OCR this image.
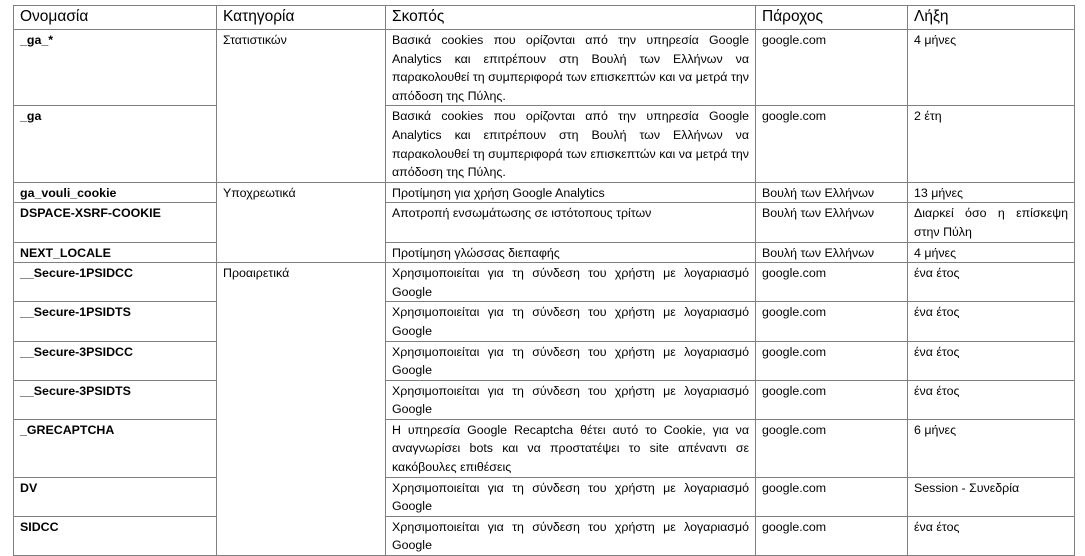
Ονομασία	Κατηγορία	Σκοπός	Πάροχος	Λήξη
_ga_*	Στατιστικών	Βασικά cookies που ορίζονται από την υπηρεσία Google Analytics και επιτρέπουν στη Βουλή των Ελλήνων να παρακολουθεί τη συμπεριφορά των επισκεπτών και να μετρά την απόδοση της Πύλης.	google.com	4 μήνες
_ga		Βασικά cookies που ορίζονται από την υπηρεσία Google Analytics και επιτρέπουν στη Βουλή των Ελλήνων να παρακολουθεί τη συμπεριφορά των επισκεπτών και να μετρά την απόδοση της Πύλης.	google.com	2 έτη
ga_vouli_cookie	Υποχρεωτικά	Προτίμηση για χρήση Google Analytics	Βουλή των Ελλήνων	13 μήνες
DSPACE-XSRF-COOKIE		Αποτροπή ενσωμάτωσης σε ιστότοπους τρίτων	Βουλή των Ελλήνων	Διαρκεί όσο η επίσκεψη στην Πύλη
NEXT_LOCALE		Προτίμηση γλώσσας διεπαφής	Βουλή των Ελλήνων	4 μήνες
__Secure-1PSIDCC	Προαιρετικά	Χρησιμοποιείται για τη σύνδεση του χρήστη με λογαριασμό Google	google.com	ένα έτος
__Secure-1PSIDTS		Χρησιμοποιείται για τη σύνδεση του χρήστη με λογαριασμό Google	google.com	ένα έτος
__Secure-3PSIDCC		Χρησιμοποιείται για τη σύνδεση του χρήστη με λογαριασμό Google	google.com	ένα έτος
__Secure-3PSIDTS		Χρησιμοποιείται για τη σύνδεση του χρήστη με λογαριασμό Google	google.com	ένα έτος
_GRECAPTCHA		Η υπηρεσία Google Recaptcha θέτει αυτό το Cookie, για να αναγνωρίσει bots και να προστατέψει το site απέναντι σε κακόβουλες επιθέσεις	google.com	6 μήνες
DV		Χρησιμοποιείται για τη σύνδεση του χρήστη με λογαριασμό Google	google.com	Session - Συνεδρία
SIDCC		Χρησιμοποιείται για τη σύνδεση του χρήστη με λογαριασμό Google	google.com	ένα έτος
